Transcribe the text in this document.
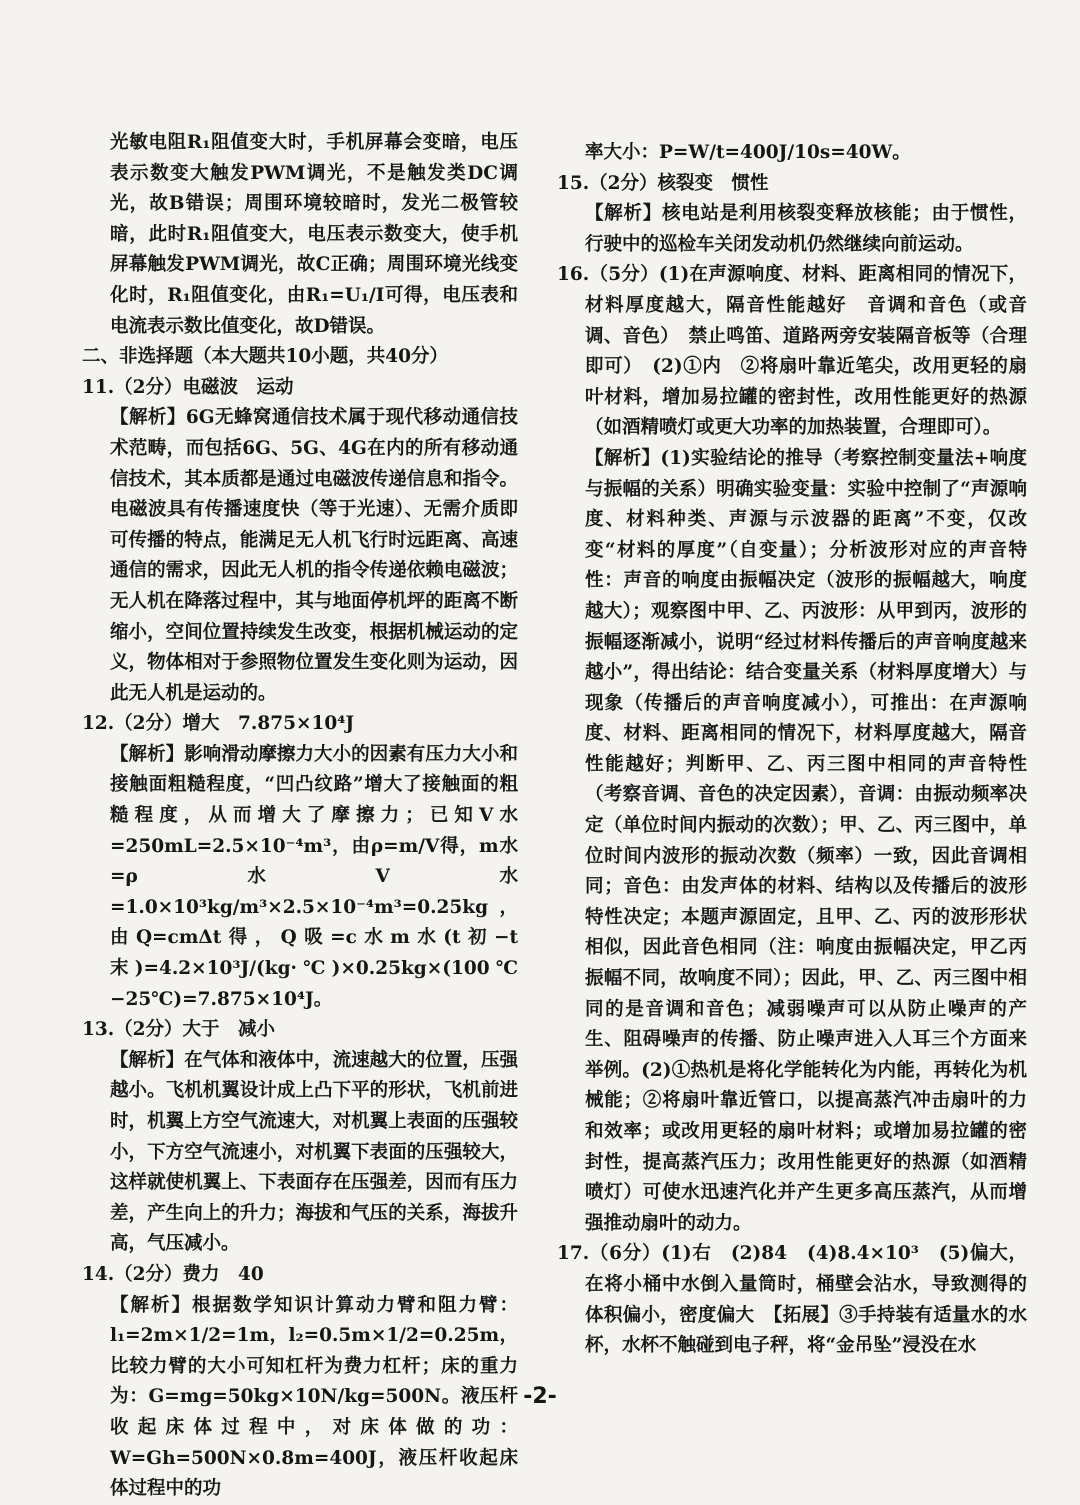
光敏电阻R₁阻值变大时，手机屏幕会变暗，电压表示数变大触发PWM调光，不是触发类DC调光，故B错误；周围环境较暗时，发光二极管较暗，此时R₁阻值变大，电压表示数变大，使手机屏幕触发PWM调光，故C正确；周围环境光线变化时，R₁阻值变化，由R₁=U₁/I可得，电压表和电流表示数比值变化，故D错误。

二、非选择题（本大题共10小题，共40分）

11.（2分）电磁波　运动

【解析】6G无蜂窝通信技术属于现代移动通信技术范畴，而包括6G、5G、4G在内的所有移动通信技术，其本质都是通过电磁波传递信息和指令。电磁波具有传播速度快（等于光速）、无需介质即可传播的特点，能满足无人机飞行时远距离、高速通信的需求，因此无人机的指令传递依赖电磁波；无人机在降落过程中，其与地面停机坪的距离不断缩小，空间位置持续发生改变，根据机械运动的定义，物体相对于参照物位置发生变化则为运动，因此无人机是运动的。

12.（2分）增大　7.875×10⁴J

【解析】影响滑动摩擦力大小的因素有压力大小和接触面粗糙程度，“凹凸纹路”增大了接触面的粗糙程度，从而增大了摩擦力；已知V水=250mL=2.5×10⁻⁴m³，由ρ=m/V得，m水=ρ水V水=1.0×10³kg/m³×2.5×10⁻⁴m³=0.25kg，由Q=cmΔt得，Q吸=c水m水(t初−t末)=4.2×10³J/(kg·℃)×0.25kg×(100℃−25℃)=7.875×10⁴J。

13.（2分）大于　减小

【解析】在气体和液体中，流速越大的位置，压强越小。飞机机翼设计成上凸下平的形状，飞机前进时，机翼上方空气流速大，对机翼上表面的压强较小，下方空气流速小，对机翼下表面的压强较大，这样就使机翼上、下表面存在压强差，因而有压力差，产生向上的升力；海拔和气压的关系，海拔升高，气压减小。

14.（2分）费力　40

【解析】根据数学知识计算动力臂和阻力臂：l₁=2m×1/2=1m，l₂=0.5m×1/2=0.25m，比较力臂的大小可知杠杆为费力杠杆；床的重力为：G=mg=50kg×10N/kg=500N。液压杆收起床体过程中，对床体做的功：W=Gh=500N×0.8m=400J，液压杆收起床体过程中的功

率大小：P=W/t=400J/10s=40W。

15.（2分）核裂变　惯性

【解析】核电站是利用核裂变释放核能；由于惯性，行驶中的巡检车关闭发动机仍然继续向前运动。

16.（5分）(1)在声源响度、材料、距离相同的情况下，材料厚度越大，隔音性能越好　音调和音色（或音调、音色）　禁止鸣笛、道路两旁安装隔音板等（合理即可）　(2)①内　②将扇叶靠近笔尖，改用更轻的扇叶材料，增加易拉罐的密封性，改用性能更好的热源（如酒精喷灯或更大功率的加热装置，合理即可）。

【解析】(1)实验结论的推导（考察控制变量法+响度与振幅的关系）明确实验变量：实验中控制了“声源响度、材料种类、声源与示波器的距离”不变，仅改变“材料的厚度”（自变量）；分析波形对应的声音特性：声音的响度由振幅决定（波形的振幅越大，响度越大）；观察图中甲、乙、丙波形：从甲到丙，波形的振幅逐渐减小，说明“经过材料传播后的声音响度越来越小”，得出结论：结合变量关系（材料厚度增大）与现象（传播后的声音响度减小），可推出：在声源响度、材料、距离相同的情况下，材料厚度越大，隔音性能越好；判断甲、乙、丙三图中相同的声音特性（考察音调、音色的决定因素），音调：由振动频率决定（单位时间内振动的次数）；甲、乙、丙三图中，单位时间内波形的振动次数（频率）一致，因此音调相同；音色：由发声体的材料、结构以及传播后的波形特性决定；本题声源固定，且甲、乙、丙的波形形状相似，因此音色相同（注：响度由振幅决定，甲乙丙振幅不同，故响度不同）；因此，甲、乙、丙三图中相同的是音调和音色；减弱噪声可以从防止噪声的产生、阻碍噪声的传播、防止噪声进入人耳三个方面来举例。(2)①热机是将化学能转化为内能，再转化为机械能；②将扇叶靠近管口，以提高蒸汽冲击扇叶的力和效率；或改用更轻的扇叶材料；或增加易拉罐的密封性，提高蒸汽压力；改用性能更好的热源（如酒精喷灯）可使水迅速汽化并产生更多高压蒸汽，从而增强推动扇叶的动力。

17.（6分）(1)右　(2)84　(4)8.4×10³　(5)偏大，在将小桶中水倒入量筒时，桶壁会沾水，导致测得的体积偏小，密度偏大　【拓展】③手持装有适量水的水杯，水杯不触碰到电子秤，将“金吊坠”浸没在水

-2-
